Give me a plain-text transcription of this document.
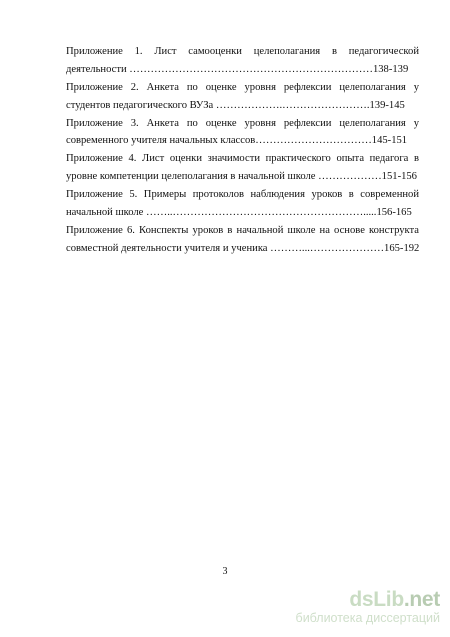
Приложение 1. Лист самооценки целеполагания в педагогической
деятельности ……………………………………………………………138-139
Приложение 2. Анкета по оценке уровня рефлексии целеполагания у
студентов педагогического ВУЗа ……………….…………………….139-145
Приложение 3. Анкета по оценке уровня рефлексии целеполагания у
современного учителя начальных классов……………………………145-151
Приложение 4. Лист оценки значимости практического опыта педагога в
уровне компетенции целеполагания в начальной школе ………………151-156
Приложение 5. Примеры протоколов наблюдения уроков в современной
начальной школе ……..……………………………………………….....156-165
Приложение 6. Конспекты уроков в начальной школе на основе конструкта
совместной деятельности учителя и ученика ………...…………………165-192
3
dsLib.net
библиотека диссертаций
